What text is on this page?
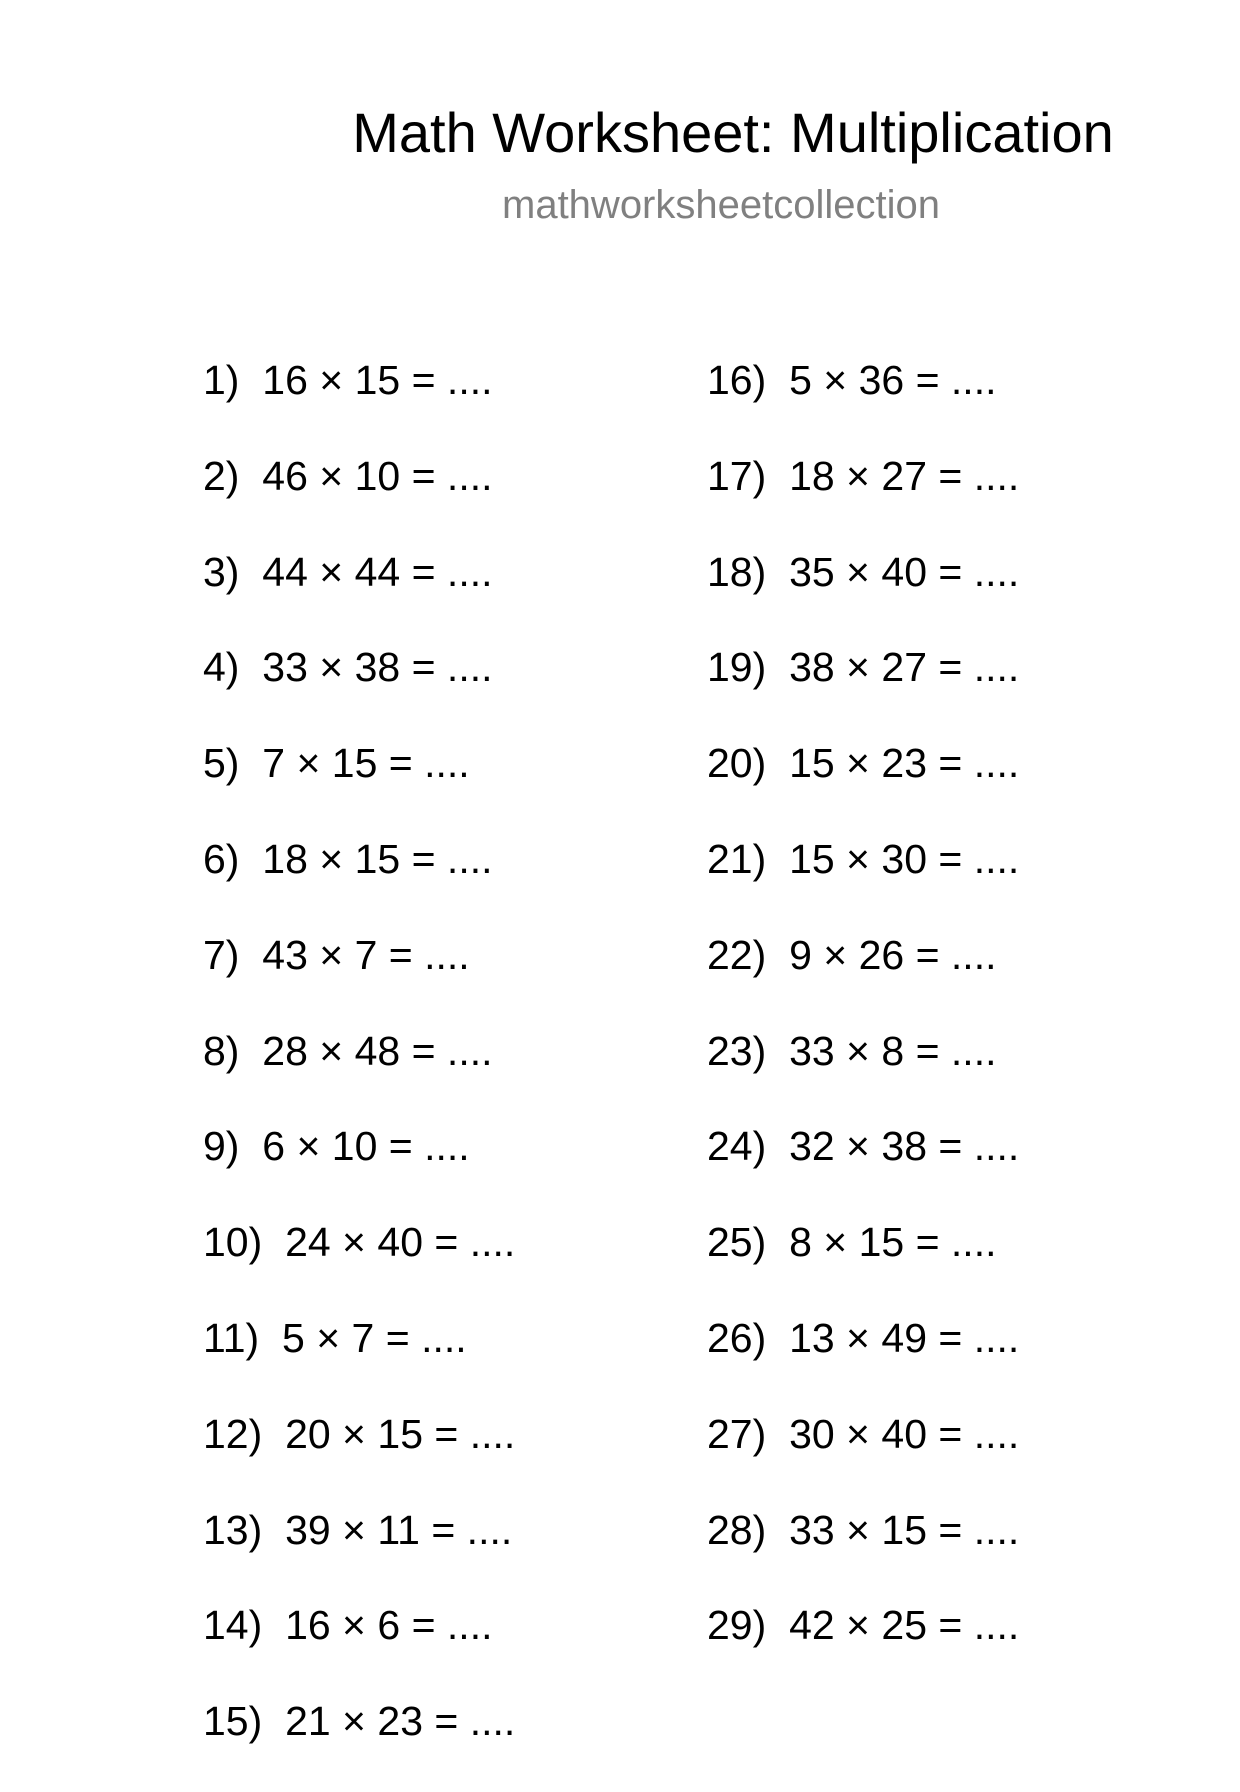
Math Worksheet: Multiplication
mathworksheetcollection
1) 16 × 15 = ....
2) 46 × 10 = ....
3) 44 × 44 = ....
4) 33 × 38 = ....
5) 7 × 15 = ....
6) 18 × 15 = ....
7) 43 × 7 = ....
8) 28 × 48 = ....
9) 6 × 10 = ....
10) 24 × 40 = ....
11) 5 × 7 = ....
12) 20 × 15 = ....
13) 39 × 11 = ....
14) 16 × 6 = ....
15) 21 × 23 = ....
16) 5 × 36 = ....
17) 18 × 27 = ....
18) 35 × 40 = ....
19) 38 × 27 = ....
20) 15 × 23 = ....
21) 15 × 30 = ....
22) 9 × 26 = ....
23) 33 × 8 = ....
24) 32 × 38 = ....
25) 8 × 15 = ....
26) 13 × 49 = ....
27) 30 × 40 = ....
28) 33 × 15 = ....
29) 42 × 25 = ....
